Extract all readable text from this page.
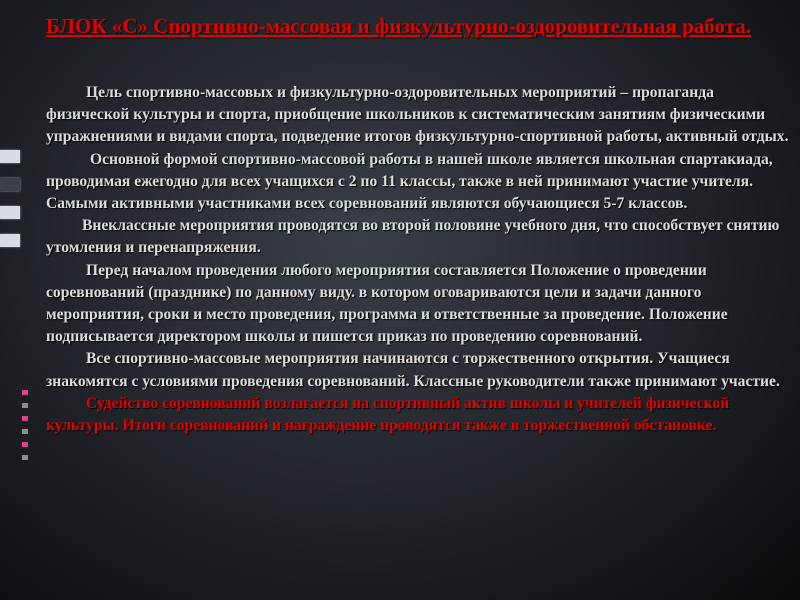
БЛОК «С» Спортивно-массовая и физкультурно-оздоровительная работа.

Цель спортивно-массовых и физкультурно-оздоровительных мероприятий – пропаганда физической культуры и спорта, приобщение школьников к систематическим занятиям физическими упражнениями и видами спорта, подведение итогов физкультурно-спортивной работы, активный отдых.

Основной формой спортивно-массовой работы в нашей школе является школьная спартакиада, проводимая ежегодно для всех учащихся с 2 по 11 классы, также в ней принимают участие учителя. Самыми активными участниками всех соревнований являются обучающиеся 5-7 классов.

Внеклассные мероприятия проводятся во второй половине учебного дня, что способствует снятию утомления и перенапряжения.

Перед началом проведения любого мероприятия составляется Положение о проведении соревнований (празднике) по данному виду. в котором оговариваются цели и задачи данного мероприятия, сроки и место проведения, программа и ответственные за проведение. Положение подписывается директором школы и пишется приказ по проведению соревнований.

Все спортивно-массовые мероприятия начинаются с торжественного открытия. Учащиеся знакомятся с условиями проведения соревнований. Классные руководители также принимают участие.

Судейство соревнований возлагается на спортивный актив школы и учителей физической культуры. Итоги соревнований и награждение проводятся также в торжественной обстановке.
